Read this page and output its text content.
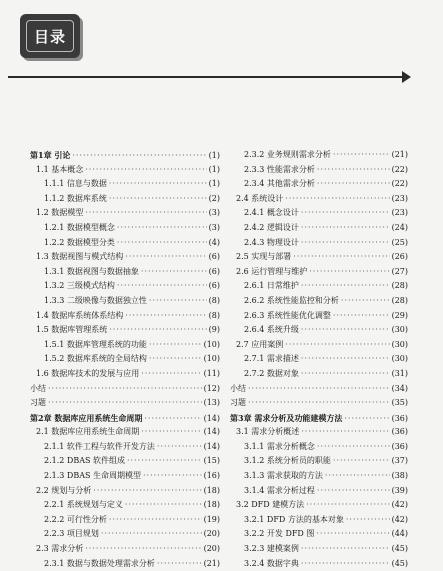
目录
第1章 引论 ·····	(1)
1.1 基本概念 ·····	(1)
1.1.1 信息与数据 ·····	(1)
1.1.2 数据库系统 ·····	(2)
1.2 数据模型 ·····	(3)
1.2.1 数据模型概念 ·····	(3)
1.2.2 数据模型分类 ·····	(4)
1.3 数据视图与模式结构 ·····	(6)
1.3.1 数据视图与数据抽象 ·····	(6)
1.3.2 三级模式结构 ·····	(6)
1.3.3 二级映像与数据独立性 ·····	(8)
1.4 数据库系统体系结构 ·····	(8)
1.5 数据库管理系统 ·····	(9)
1.5.1 数据库管理系统的功能 ·····	(10)
1.5.2 数据库系统的全局结构 ·····	(10)
1.6 数据库技术的发展与应用 ·····	(11)
小结 ·····	(12)
习题 ·····	(13)
第2章 数据库应用系统生命周期 ·····	(14)
2.1 数据库应用系统生命周期 ·····	(14)
2.1.1 软件工程与软件开发方法 ·····	(14)
2.1.2 DBAS 软件组成 ·····	(15)
2.1.3 DBAS 生命周期模型 ·····	(16)
2.2 规划与分析 ·····	(18)
2.2.1 系统规划与定义 ·····	(18)
2.2.2 可行性分析 ·····	(19)
2.2.3 项目规划 ·····	(20)
2.3 需求分析 ·····	(20)
2.3.1 数据与数据处理需求分析 ·····	(21)
2.3.2 业务规则需求分析 ·····	(21)
2.3.3 性能需求分析 ·····	(22)
2.3.4 其他需求分析 ·····	(22)
2.4 系统设计 ·····	(23)
2.4.1 概念设计 ·····	(23)
2.4.2 逻辑设计 ·····	(24)
2.4.3 物理设计 ·····	(25)
2.5 实现与部署 ·····	(26)
2.6 运行管理与维护 ·····	(27)
2.6.1 日常维护 ·····	(28)
2.6.2 系统性能监控和分析 ·····	(28)
2.6.3 系统性能优化调整 ·····	(29)
2.6.4 系统升级 ·····	(30)
2.7 应用案例 ·····	(30)
2.7.1 需求描述 ·····	(30)
2.7.2 数据对象 ·····	(31)
小结 ·····	(34)
习题 ·····	(35)
第3章 需求分析及功能建模方法 ·····	(36)
3.1 需求分析概述 ·····	(36)
3.1.1 需求分析概念 ·····	(36)
3.1.2 系统分析员的职能 ·····	(37)
3.1.3 需求获取的方法 ·····	(38)
3.1.4 需求分析过程 ·····	(39)
3.2 DFD 建模方法 ·····	(42)
3.2.1 DFD 方法的基本对象 ·····	(42)
3.2.2 开发 DFD 图 ·····	(44)
3.2.3 建模案例 ·····	(45)
3.2.4 数据字典 ·····	(45)
